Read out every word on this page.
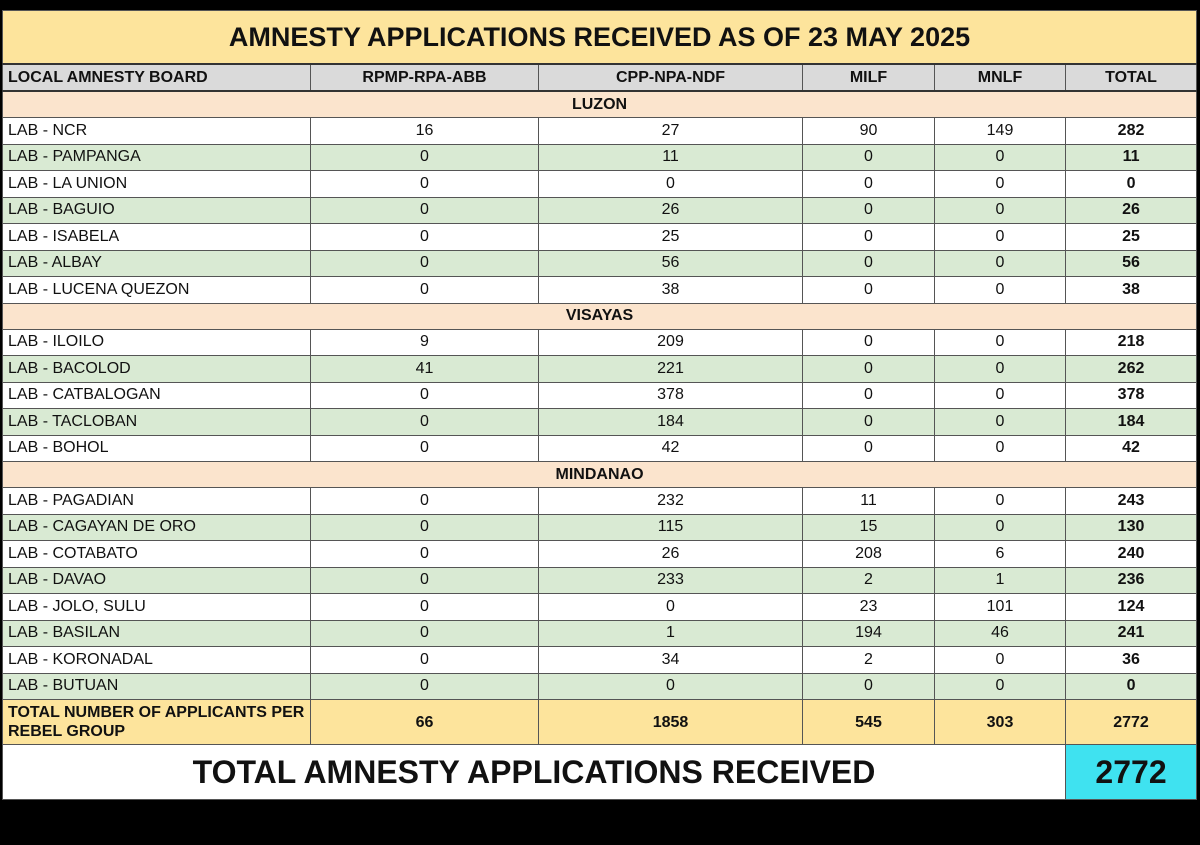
AMNESTY APPLICATIONS RECEIVED AS OF 23 MAY 2025					
LOCAL AMNESTY BOARD	RPMP-RPA-ABB	CPP-NPA-NDF	MILF	MNLF	TOTAL
LUZON					
LAB - NCR	16	27	90	149	282
LAB - PAMPANGA	0	11	0	0	11
LAB - LA UNION	0	0	0	0	0
LAB - BAGUIO	0	26	0	0	26
LAB - ISABELA	0	25	0	0	25
LAB - ALBAY	0	56	0	0	56
LAB - LUCENA QUEZON	0	38	0	0	38
VISAYAS					
LAB - ILOILO	9	209	0	0	218
LAB - BACOLOD	41	221	0	0	262
LAB - CATBALOGAN	0	378	0	0	378
LAB - TACLOBAN	0	184	0	0	184
LAB - BOHOL	0	42	0	0	42
MINDANAO					
LAB - PAGADIAN	0	232	11	0	243
LAB - CAGAYAN DE ORO	0	115	15	0	130
LAB - COTABATO	0	26	208	6	240
LAB - DAVAO	0	233	2	1	236
LAB - JOLO, SULU	0	0	23	101	124
LAB - BASILAN	0	1	194	46	241
LAB - KORONADAL	0	34	2	0	36
LAB - BUTUAN	0	0	0	0	0
TOTAL NUMBER OF APPLICANTS PER REBEL GROUP	66	1858	545	303	2772
TOTAL AMNESTY APPLICATIONS RECEIVED					2772
